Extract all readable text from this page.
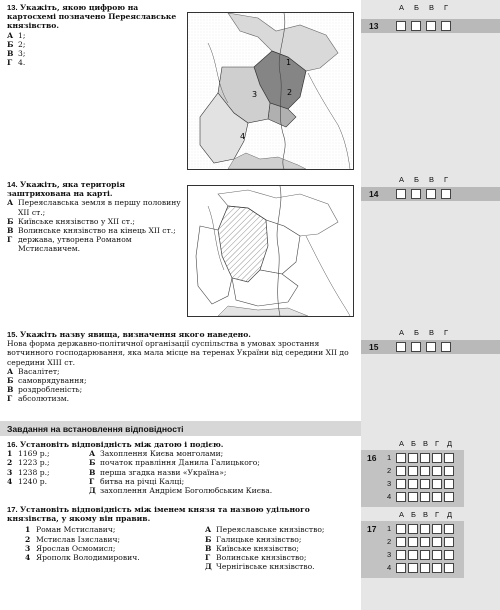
13. Укажіть, якою цифрою на картосхемі позначено Переяславське князівство.
А 1;
Б 2;
В 3;
Г 4.	1
2
3
4
А Б В Г
13
14. Укажіть, яка територія заштрихована на карті.
А Переяславська земля в першу половину XII ст.;
Б Київське князівство у XII ст.;
В Волинське князівство на кінець XII ст.;
Г держава, утворена Романом Мстиславичем.
А Б В Г
14
15. Укажіть назву явища, визначення якого наведено.
Нова форма державно-політичної організації суспільства в умовах зростання вотчинного господарювання, яка мала місце на теренах України від середини XII до середини XIII ст.
А Васалітет;
Б самоврядування;
В роздробленість;
Г абсолютизм.
А Б В Г
15
Завдання на встановлення відповідності
16. Установіть відповідність між датою і подією.
1 1169 р.;
2 1223 р.;
3 1238 р.;
4 1240 р.
А Захоплення Києва монголами;
Б початок правління Данила Галицького;
В перша згадка назви «Україна»;
Г битва на річці Калці;
Д захоплення Андрієм Боголюбським Києва.
17. Установіть відповідність між іменем князя та назвою удільного князівства, у якому він правив.
1 Роман Мстиславич;
2 Мстислав Ізяславич;
3 Ярослав Осмомисл;
4 Ярополк Володимирович.
А Переяславське князівство;
Б Галицьке князівство;
В Київське князівство;
Г Волинське князівство;
Д Чернігівське князівство.
А Б В Г Д
16 1
2
3
4
А Б В Г Д
17 1
2
3
4
